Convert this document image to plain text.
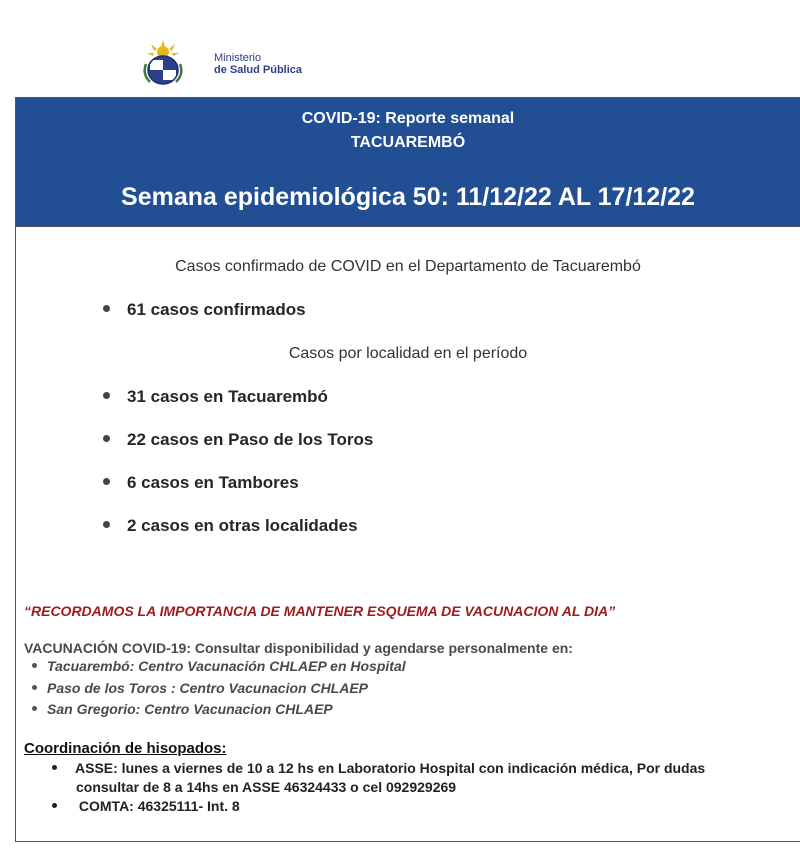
Ministerio
de Salud Pública
COVID-19: Reporte semanal
TACUAREMBÓ
Semana epidemiológica 50: 11/12/22 AL 17/12/22
Casos confirmado de COVID en el Departamento de Tacuarembó
61 casos confirmados
Casos por localidad en el período
31 casos en Tacuarembó
22 casos en Paso de los Toros
6 casos en Tambores
2 casos en otras localidades
“RECORDAMOS LA IMPORTANCIA DE MANTENER ESQUEMA DE VACUNACION AL DIA”
VACUNACIÓN COVID-19: Consultar disponibilidad y agendarse personalmente en:
Tacuarembó: Centro Vacunación CHLAEP en Hospital
Paso de los Toros : Centro Vacunacion CHLAEP
San Gregorio: Centro Vacunacion CHLAEP
Coordinación de hisopados:
ASSE: lunes a viernes de 10 a 12 hs en Laboratorio Hospital con indicación médica, Por dudas
consultar de 8 a 14hs en ASSE 46324433 o cel 092929269
COMTA: 46325111- Int. 8
